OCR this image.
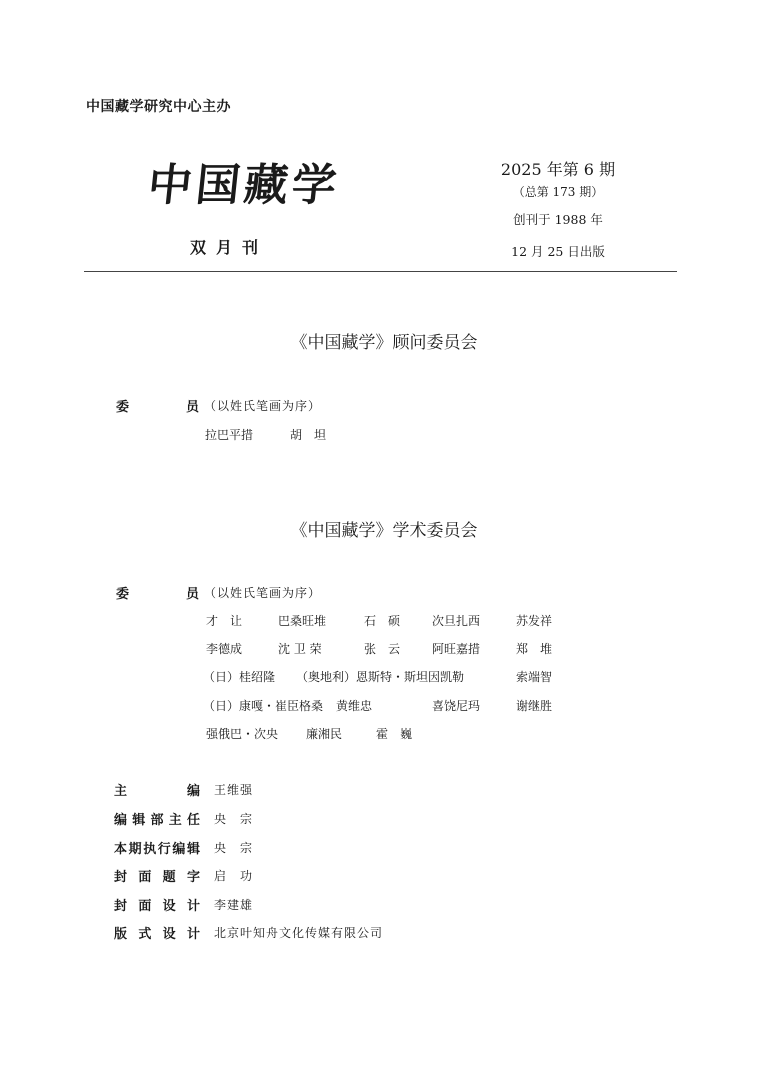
中国藏学研究中心主办
中国藏学
双月刊
2025 年第 6 期
（总第 173 期）
创刊于 1988 年
12 月 25 日出版
《中国藏学》顾问委员会
委	员 （以姓氏笔画为序）
拉巴平措	胡　坦
《中国藏学》学术委员会
委	员 （以姓氏笔画为序）
才　让	巴桑旺堆	石　硕	次旦扎西	苏发祥
李德成	沈 卫 荣	张　云	阿旺嘉措	郑　堆
（日）桂绍隆 （奥地利）恩斯特・斯坦因凯勒	索端智
（日）康嘎・崔臣格桑 黄维忠	喜饶尼玛	谢继胜
强俄巴・次央 廉湘民	霍　巍
主	编 王维强
编 辑 部 主 任 央　宗
本 期 执 行 编 辑 央　宗
封 面 题 字 启　功
封 面 设 计 李建雄
版 式 设 计 北京叶知舟文化传媒有限公司
